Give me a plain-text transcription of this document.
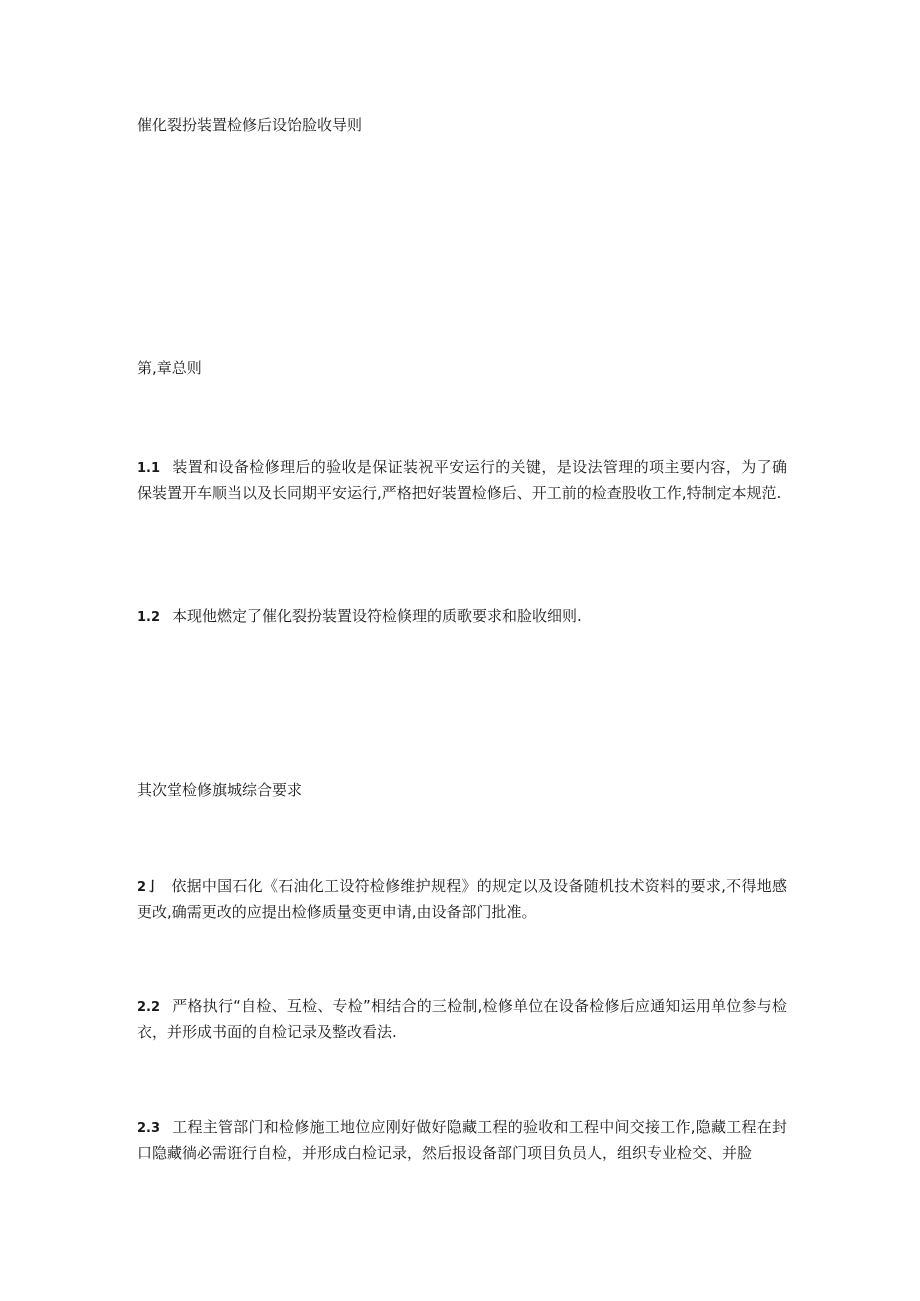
催化裂扮装置检修后设饴脸收导则

第,章总则

1.1 装置和设备检修理后的验收是保证装祝平安运行的关键，是设法管理的项主要内容，为了确保装置开车顺当以及长同期平安运行,严格把好装置检修后、开工前的检查股收工作,特制定本规范.

1.2 本现他燃定了催化裂扮装置设符检倏理的质歌要求和脸收细则.

其次堂检修旗城综合要求

2亅 依据中国石化《石油化工设符检修维护规程》的规定以及设备随机技术资料的要求,不得地感更改,确需更改的应提出检修质量变更申请,由设备部门批准。

2.2 严格执行“自检、互检、专检”相结合的三检制,检修单位在设备检修后应通知运用单位参与检衣，并形成书面的自检记录及整改看法.

2.3 工程主管部门和检修施工地位应刚好做好隐藏工程的验收和工程中间交接工作,隐藏工程在封口隐藏徜必需诳行自检，并形成白检记录，然后报设备部门项目负员人，组织专业检交、并脸
